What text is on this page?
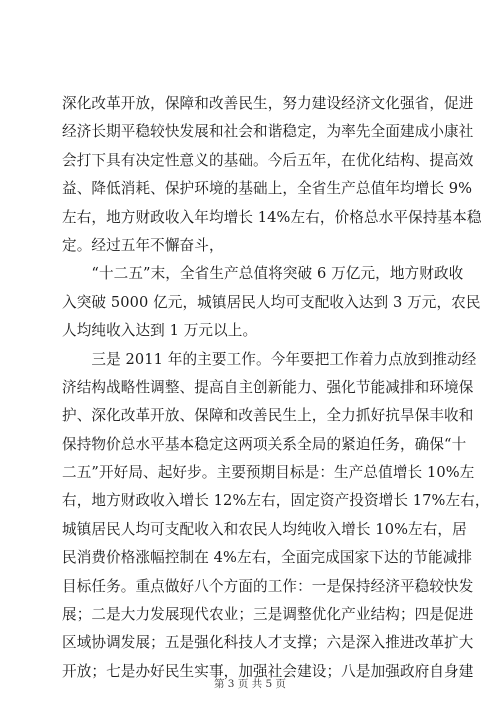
深化改革开放，保障和改善民生，努力建设经济文化强省，促进
经济长期平稳较快发展和社会和谐稳定，为率先全面建成小康社
会打下具有决定性意义的基础。今后五年，在优化结构、提高效
益、降低消耗、保护环境的基础上，全省生产总值年均增长 9%
左右，地方财政收入年均增长 14%左右，价格总水平保持基本稳
定。经过五年不懈奋斗，
　　“十二五”末，全省生产总值将突破 6 万亿元，地方财政收
入突破 5000 亿元，城镇居民人均可支配收入达到 3 万元，农民
人均纯收入达到 1 万元以上。
　　三是 2011 年的主要工作。今年要把工作着力点放到推动经
济结构战略性调整、提高自主创新能力、强化节能减排和环境保
护、深化改革开放、保障和改善民生上，全力抓好抗旱保丰收和
保持物价总水平基本稳定这两项关系全局的紧迫任务，确保“十
二五”开好局、起好步。主要预期目标是：生产总值增长 10%左
右，地方财政收入增长 12%左右，固定资产投资增长 17%左右，
城镇居民人均可支配收入和农民人均纯收入增长 10%左右，居
民消费价格涨幅控制在 4%左右，全面完成国家下达的节能减排
目标任务。重点做好八个方面的工作：一是保持经济平稳较快发
展；二是大力发展现代农业；三是调整优化产业结构；四是促进
区域协调发展；五是强化科技人才支撑；六是深入推进改革扩大
开放；七是办好民生实事，加强社会建设；八是加强政府自身建
第 3 页 共 5 页
